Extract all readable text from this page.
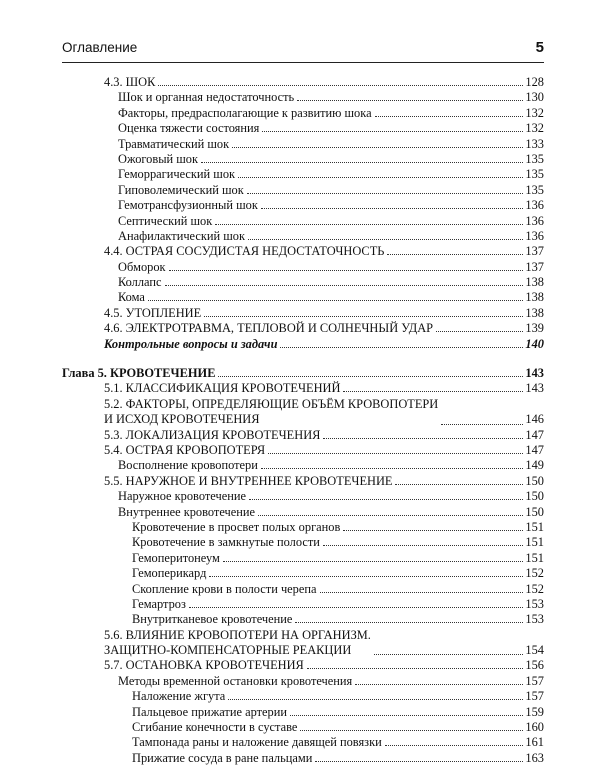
Оглавление	5
4.3. ШОК	128
Шок и органная недостаточность	130
Факторы, предрасполагающие к развитию шока	132
Оценка тяжести состояния	132
Травматический шок	133
Ожоговый шок	135
Геморрагический шок	135
Гиповолемический шок	135
Гемотрансфузионный шок	136
Септический шок	136
Анафилактический шок	136
4.4. ОСТРАЯ СОСУДИСТАЯ НЕДОСТАТОЧНОСТЬ	137
Обморок	137
Коллапс	138
Кома	138
4.5. УТОПЛЕНИЕ	138
4.6. ЭЛЕКТРОТРАВМА, ТЕПЛОВОЙ И СОЛНЕЧНЫЙ УДАР	139
Контрольные вопросы и задачи	140
Глава 5. КРОВОТЕЧЕНИЕ	143
5.1. КЛАССИФИКАЦИЯ КРОВОТЕЧЕНИЙ	143
5.2. ФАКТОРЫ, ОПРЕДЕЛЯЮЩИЕ ОБЪЁМ КРОВОПОТЕРИ
И ИСХОД КРОВОТЕЧЕНИЯ	146
5.3. ЛОКАЛИЗАЦИЯ КРОВОТЕЧЕНИЯ	147
5.4. ОСТРАЯ КРОВОПОТЕРЯ	147
Восполнение кровопотери	149
5.5. НАРУЖНОЕ И ВНУТРЕННЕЕ КРОВОТЕЧЕНИЕ	150
Наружное кровотечение	150
Внутреннее кровотечение	150
Кровотечение в просвет полых органов	151
Кровотечение в замкнутые полости	151
Гемоперитонеум	151
Гемоперикард	152
Скопление крови в полости черепа	152
Гемартроз	153
Внутритканевое кровотечение	153
5.6. ВЛИЯНИЕ КРОВОПОТЕРИ НА ОРГАНИЗМ.
ЗАЩИТНО-КОМПЕНСАТОРНЫЕ РЕАКЦИИ	154
5.7. ОСТАНОВКА КРОВОТЕЧЕНИЯ	156
Методы временной остановки кровотечения	157
Наложение жгута	157
Пальцевое прижатие артерии	159
Сгибание конечности в суставе	160
Тампонада раны и наложение давящей повязки	161
Прижатие сосуда в ране пальцами	163
